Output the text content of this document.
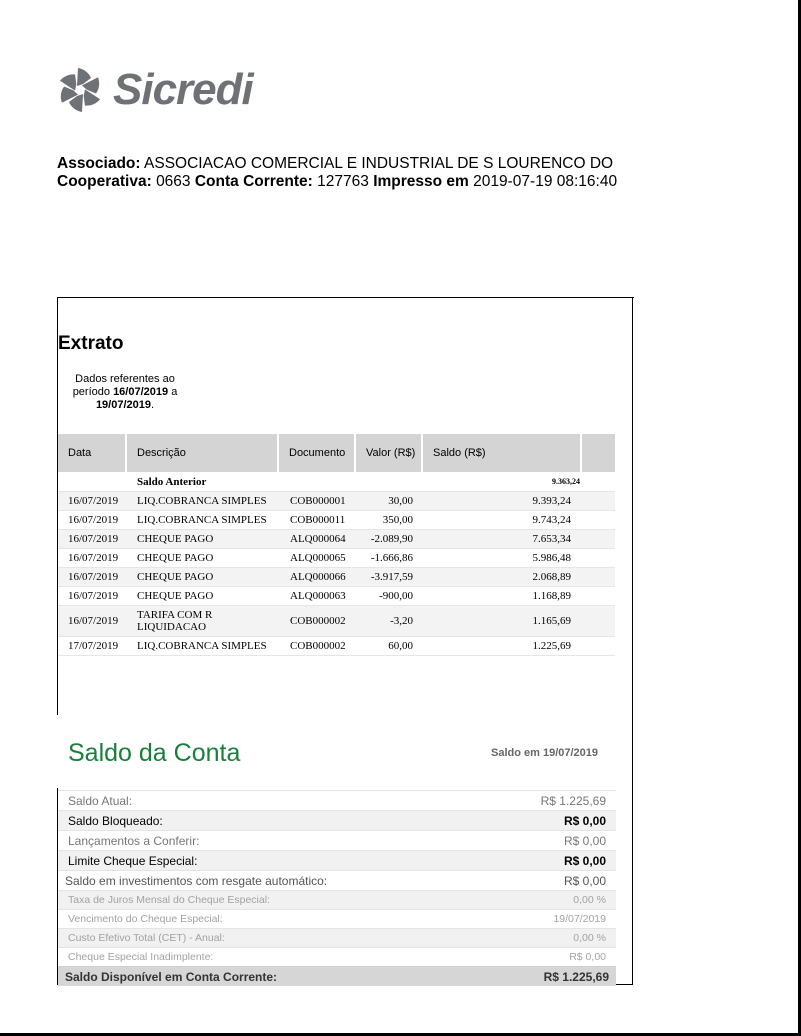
Sicredi
Associado: ASSOCIACAO COMERCIAL E INDUSTRIAL DE S LOURENCO DO
Cooperativa: 0663 Conta Corrente: 127763 Impresso em 2019-07-19 08:16:40
Extrato
Dados referentes ao
período 16/07/2019 a
19/07/2019.
Data	Descrição	Documento	Valor (R$)	Saldo (R$)
Saldo Anterior	9.363,24
16/07/2019	LIQ.COBRANCA SIMPLES	COB000001	30,00	9.393,24
16/07/2019	LIQ.COBRANCA SIMPLES	COB000011	350,00	9.743,24
16/07/2019	CHEQUE PAGO	ALQ000064	-2.089,90	7.653,34
16/07/2019	CHEQUE PAGO	ALQ000065	-1.666,86	5.986,48
16/07/2019	CHEQUE PAGO	ALQ000066	-3.917,59	2.068,89
16/07/2019	CHEQUE PAGO	ALQ000063	-900,00	1.168,89
16/07/2019	TARIFA COM R LIQUIDACAO	COB000002	-3,20	1.165,69
17/07/2019	LIQ.COBRANCA SIMPLES	COB000002	60,00	1.225,69
Saldo da Conta	Saldo em 19/07/2019
Saldo Atual:	R$ 1.225,69
Saldo Bloqueado:	R$ 0,00
Lançamentos a Conferir:	R$ 0,00
Limite Cheque Especial:	R$ 0,00
Saldo em investimentos com resgate automático:	R$ 0,00
Taxa de Juros Mensal do Cheque Especial:	0,00 %
Vencimento do Cheque Especial:	19/07/2019
Custo Efetivo Total (CET) - Anual:	0,00 %
Cheque Especial Inadimplente:	R$ 0,00
Saldo Disponível em Conta Corrente:	R$ 1.225,69
